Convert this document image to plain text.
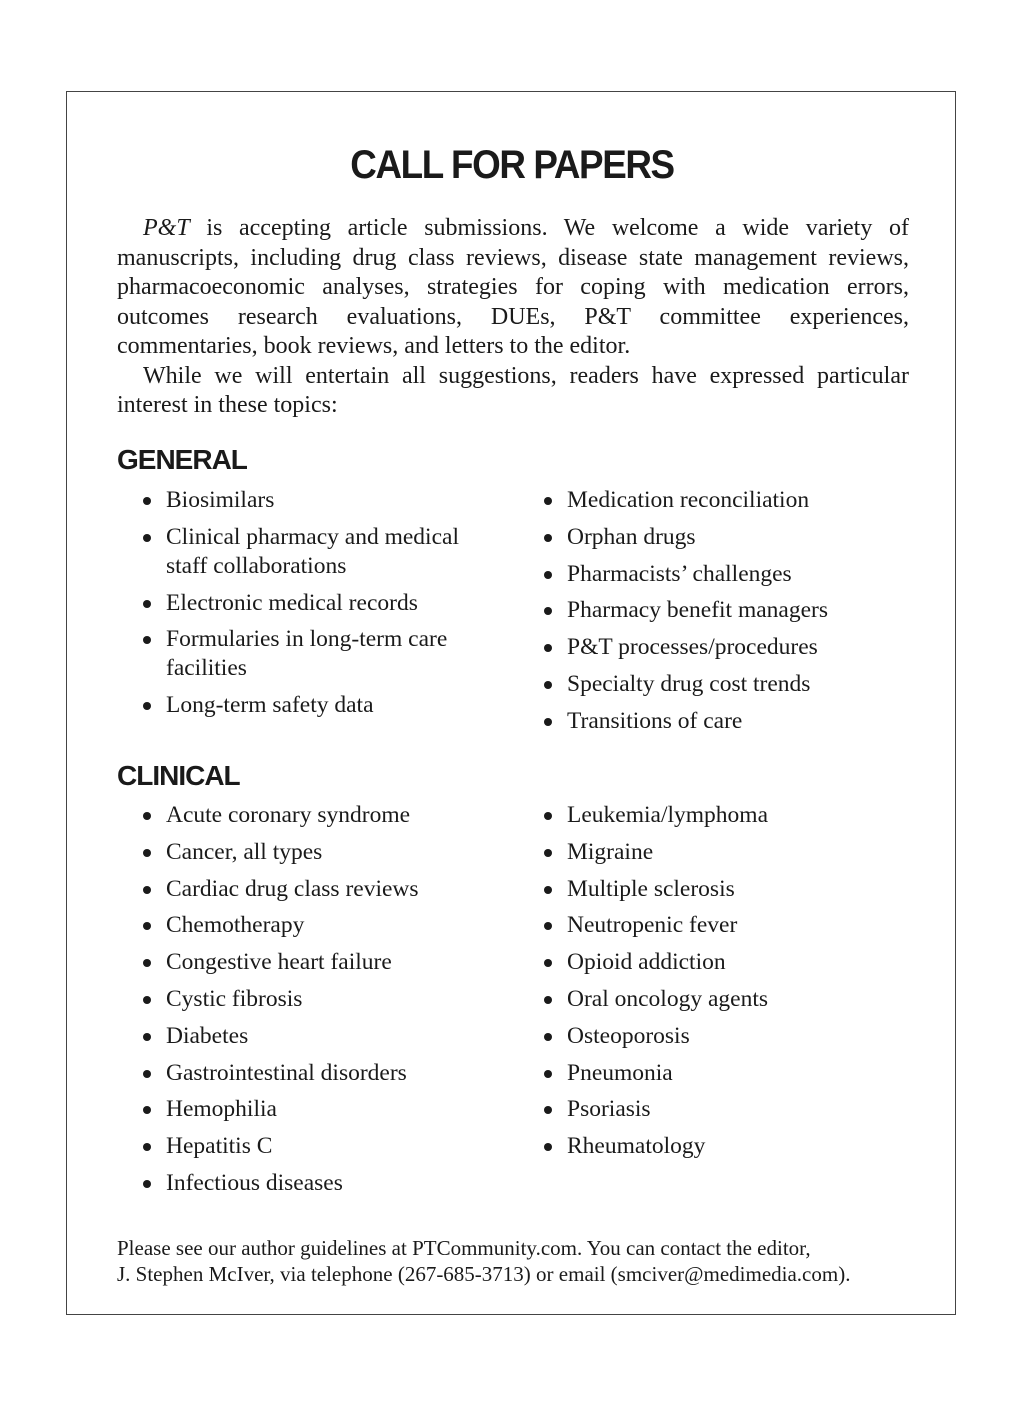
CALL FOR PAPERS

P&T is accepting article submissions. We welcome a wide variety of manuscripts, including drug class reviews, disease state management reviews, pharmacoeconomic analyses, strategies for coping with medication errors, outcomes research evaluations, DUEs, P&T committee experiences, commentaries, book reviews, and letters to the editor.

While we will entertain all suggestions, readers have expressed particular interest in these topics:

GENERAL
Biosimilars
Clinical pharmacy and medical staff collaborations
Electronic medical records
Formularies in long-term care facilities
Long-term safety data
Medication reconciliation
Orphan drugs
Pharmacists’ challenges
Pharmacy benefit managers
P&T processes/procedures
Specialty drug cost trends
Transitions of care
CLINICAL
Acute coronary syndrome
Cancer, all types
Cardiac drug class reviews
Chemotherapy
Congestive heart failure
Cystic fibrosis
Diabetes
Gastrointestinal disorders
Hemophilia
Hepatitis C
Infectious diseases
Leukemia/lymphoma
Migraine
Multiple sclerosis
Neutropenic fever
Opioid addiction
Oral oncology agents
Osteoporosis
Pneumonia
Psoriasis
Rheumatology

Please see our author guidelines at PTCommunity.com. You can contact the editor,

J. Stephen McIver, via telephone (267-685-3713) or email (smciver@medimedia.com).
